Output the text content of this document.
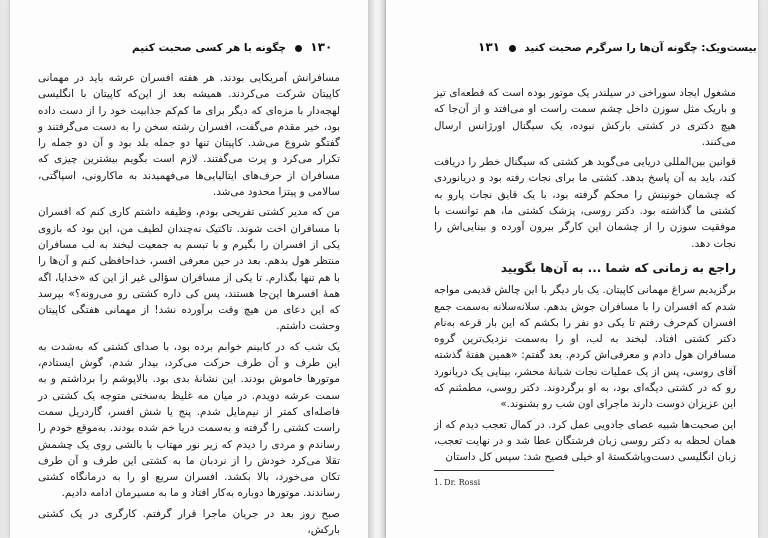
۱۳۰  چگونه با هر کسی صحبت کنیم

مسافرانش آمریکایی بودند. هر هفته افسران عرشه باید در مهمانی کاپیتان شرکت می‌کردند. همیشه بعد از این‌که کاپیتان با انگلیسی لهجه‌دار با مزه‌ای که دیگر برای ما کم‌کم جذابیت خود را از دست داده بود، خیر مقدم می‌گفت، افسران رشته سخن را به دست می‌گرفتند و گفتگو شروع می‌شد. کاپیتان تنها دو جمله بلد بود و آن دو جمله را تکرار می‌کرد و پرت می‌گفتند. لازم است بگویم بیشترین چیزی که مسافران از حرف‌های ایتالیایی‌ها می‌فهمیدند به ماکارونی، اسپاگتی، سالامی و پیتزا محدود می‌شد.

من که مدیر کشتی تفریحی بودم، وظیفه داشتم کاری کنم که افسران با مسافران اخت شوند. تاکتیک نه‌چندان لطیف من، این بود که بازوی یکی از افسران را بگیرم و با تبسم به جمعیت لبخند به لب مسافران منتظر هول بدهم. بعد در حین معرفی افسر، خداحافظی کنم و آن‌ها را با هم تنها بگذارم. تا یکی از مسافران سؤالی غیر از این که «خدایا، اگه همهٔ افسرها این‌جا هستند، پس کی داره کشتی رو می‌رونه؟» بپرسد که این دعای من هیچ وقت برآورده نشد! از مهمانی هفتگی کاپیتان وحشت داشتم.

یک شب که در کابینم خوابم برده بود، با صدای کشتی که به‌شدت به این طرف و آن طرف حرکت می‌کرد، بیدار شدم. گوش ایستادم، موتورها خاموش بودند. این نشانهٔ بدی بود. بالاپوشم را برداشتم و به سمت عرشه دویدم. در میان مه غلیظ به‌سختی متوجه یک کشتی در فاصله‌ای کمتر از نیم‌مایل شدم. پنج یا شش افسر، گاردریل سمت راست کشتی را گرفته و به‌سمت دریا خم شده بودند. به‌موقع خودم را رساندم و مردی را دیدم که زیر نور مهتاب با بالشی روی یک چشمش تقلا می‌کرد خودش را از نردبان ما به کشتی این طرف و آن طرف تکان می‌خورد، بالا بکشد. افسران سریع او را به درمانگاه کشتی رساندند. موتورها دوباره به‌کار افتاد و ما به مسیرمان ادامه دادیم.

صبح روز بعد در جریان ماجرا قرار گرفتم. کارگری در یک کشتی بارکش،

بیست‌و‌یک: چگونه آن‌ها را سرگرم صحبت کنید  ۱۳۱

مشغول ایجاد سوراخی در سیلندر یک موتور بوده است که قطعه‌ای تیز و باریک مثل سوزن داخل چشم سمت راست او می‌افتد و از آن‌جا که هیچ دکتری در کشتی بارکش نبوده، یک سیگنال اورژانس ارسال می‌کنند.

قوانین بین‌المللی دریایی می‌گوید هر کشتی که سیگنال خطر را دریافت کند، باید به آن پاسخ بدهد. کشتی ما برای نجات رفته بود و دریانوردی که چشمان خونینش را محکم گرفته بود، با یک قایق نجات پارو به کشتی ما گذاشته بود. دکتر روسی، پزشک کشتی ما، هم توانست با موفقیت سوزن را از چشمان این کارگر بیرون آورده و بینایی‌اش را نجات دهد.

راجع به زمانی که شما ... به آن‌ها بگویید

برگزیدیم سراغ مهمانی کاپیتان. یک بار دیگر با این چالش قدیمی مواجه شدم که افسران را با مسافران جوش بدهم. سلانه‌سلانه به‌سمت جمع افسران کم‌حرف رفتم تا یکی دو نفر را بکشم که این بار قرعه به‌نام دکتر کشتی افتاد. لبخند به لب، او را به‌سمت نزدیک‌ترین گروه مسافران هول دادم و معرفی‌اش کردم. بعد گفتم: «همین هفتهٔ گذشته آقای روسی، پس از یک عملیات نجات شبانهٔ محشر، بینایی یک دریانورد رو که در کشتی دیگه‌ای بود، به او برگردوند. دکتر روسی، مطمئنم که این عزیزان دوست دارند ماجرای اون شب رو بشنوند.»

این صحبت‌ها شبیه عصای جادویی عمل کرد. در کمال تعجب دیدم که از همان لحظه به دکتر روسی زبان فرشتگان عطا شد و در نهایت تعجب، زبان انگلیسی دست‌وپاشکستهٔ او خیلی فصیح شد: سپس کل داستان

1. Dr. Rossi
